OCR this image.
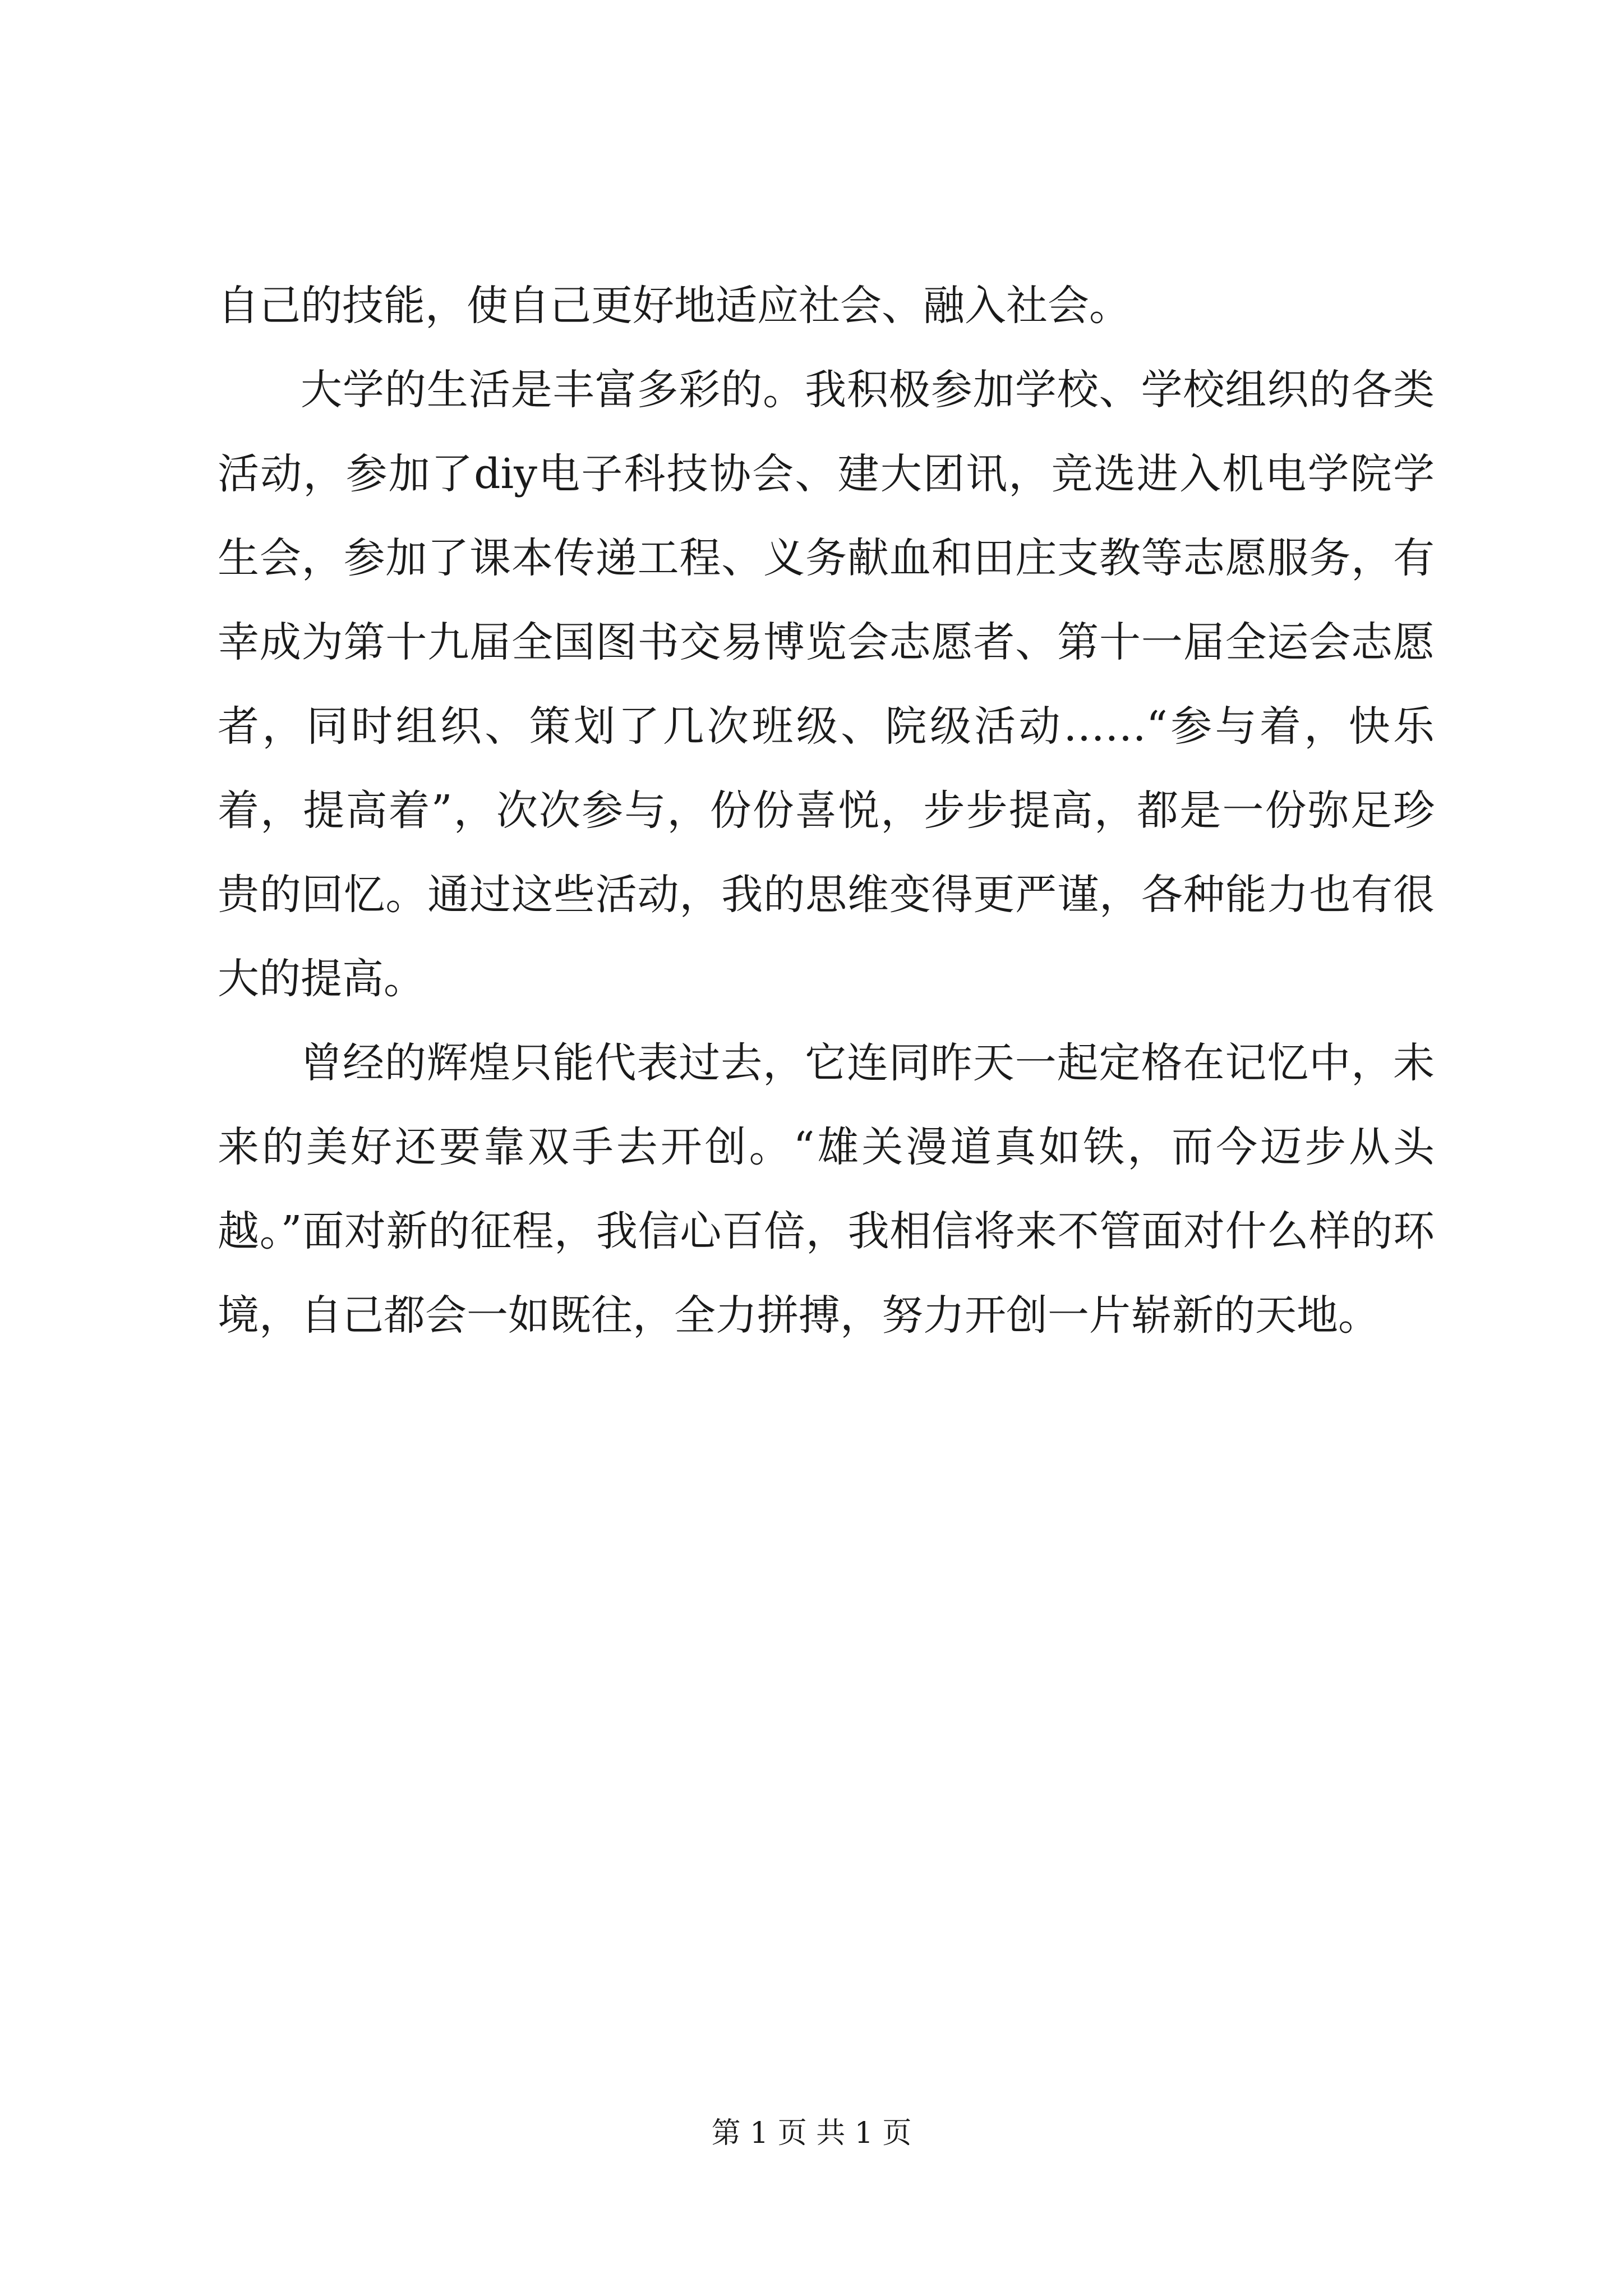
自己的技能，使自己更好地适应社会、融入社会。

大学的生活是丰富多彩的。我积极参加学校、学校组织的各类活动，参加了diy电子科技协会、建大团讯，竞选进入机电学院学生会，参加了课本传递工程、义务献血和田庄支教等志愿服务，有幸成为第十九届全国图书交易博览会志愿者、第十一届全运会志愿者，同时组织、策划了几次班级、院级活动……“参与着，快乐着，提高着”，次次参与，份份喜悦，步步提高，都是一份弥足珍贵的回忆。通过这些活动，我的思维变得更严谨，各种能力也有很大的提高。

曾经的辉煌只能代表过去，它连同昨天一起定格在记忆中，未来的美好还要靠双手去开创。“雄关漫道真如铁，而今迈步从头越。”面对新的征程，我信心百倍，我相信将来不管面对什么样的环境，自己都会一如既往，全力拼搏，努力开创一片崭新的天地。

第 1 页 共 1 页
